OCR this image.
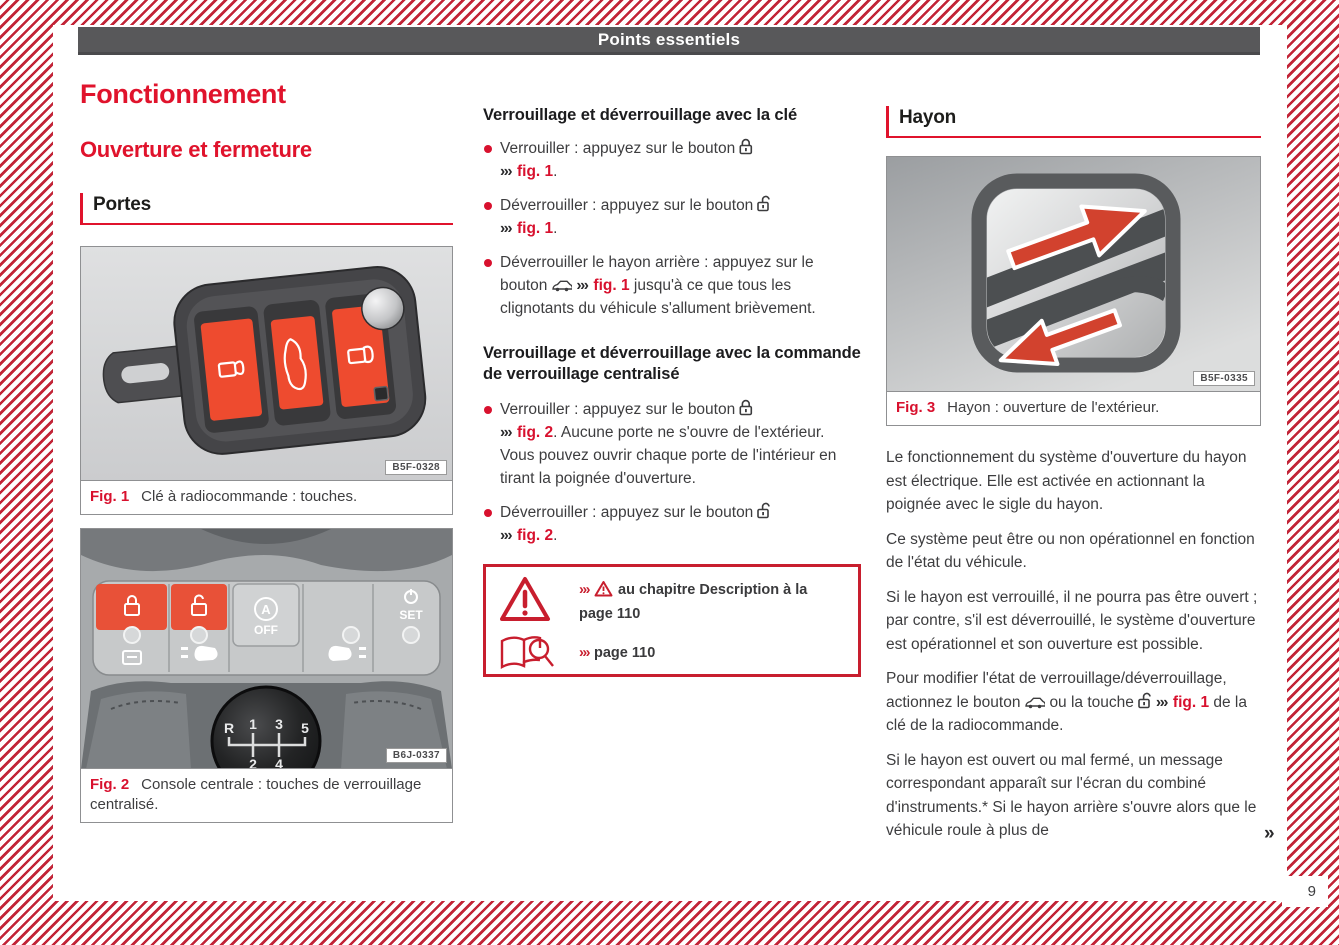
Points essentiels
Fonctionnement
Ouverture et fermeture
Portes
B5F-0328
Fig. 1 Clé à radiocommande : touches.
A
OFF
SET
R 1 3 5
2 4
B6J-0337
Fig. 2 Console centrale : touches de verrouillage centralisé.
Verrouillage et déverrouillage avec la clé

Verrouiller : appuyez sur le bouton

››› fig. 1.

Déverrouiller : appuyez sur le bouton

››› fig. 1.

Déverrouiller le hayon arrière : appuyez sur le bouton ››› fig. 1 jusqu'à ce que tous les clignotants du véhicule s'allument brièvement.

Verrouillage et déverrouillage avec la commande de verrouillage centralisé

Verrouiller : appuyez sur le bouton

››› fig. 2. Aucune porte ne s'ouvre de l'extérieur. Vous pouvez ouvrir chaque porte de l'intérieur en tirant la poignée d'ouverture.

Déverrouiller : appuyez sur le bouton

››› fig. 2.

››› au chapitre Description à la page 110
››› page 110
Hayon
B5F-0335
Fig. 3 Hayon : ouverture de l'extérieur.

Le fonctionnement du système d'ouverture du hayon est électrique. Elle est activée en actionnant la poignée avec le sigle du hayon.

Ce système peut être ou non opérationnel en fonction de l'état du véhicule.

Si le hayon est verrouillé, il ne pourra pas être ouvert ; par contre, s'il est déverrouillé, le système d'ouverture est opérationnel et son ouverture est possible.

Pour modifier l'état de verrouillage/déverrouillage, actionnez le bouton ou la touche ››› fig. 1 de la clé de la radiocommande.

Si le hayon est ouvert ou mal fermé, un message correspondant apparaît sur l'écran du combiné d'instruments.* Si le hayon arrière s'ouvre alors que le véhicule roule à plus de	»
9
